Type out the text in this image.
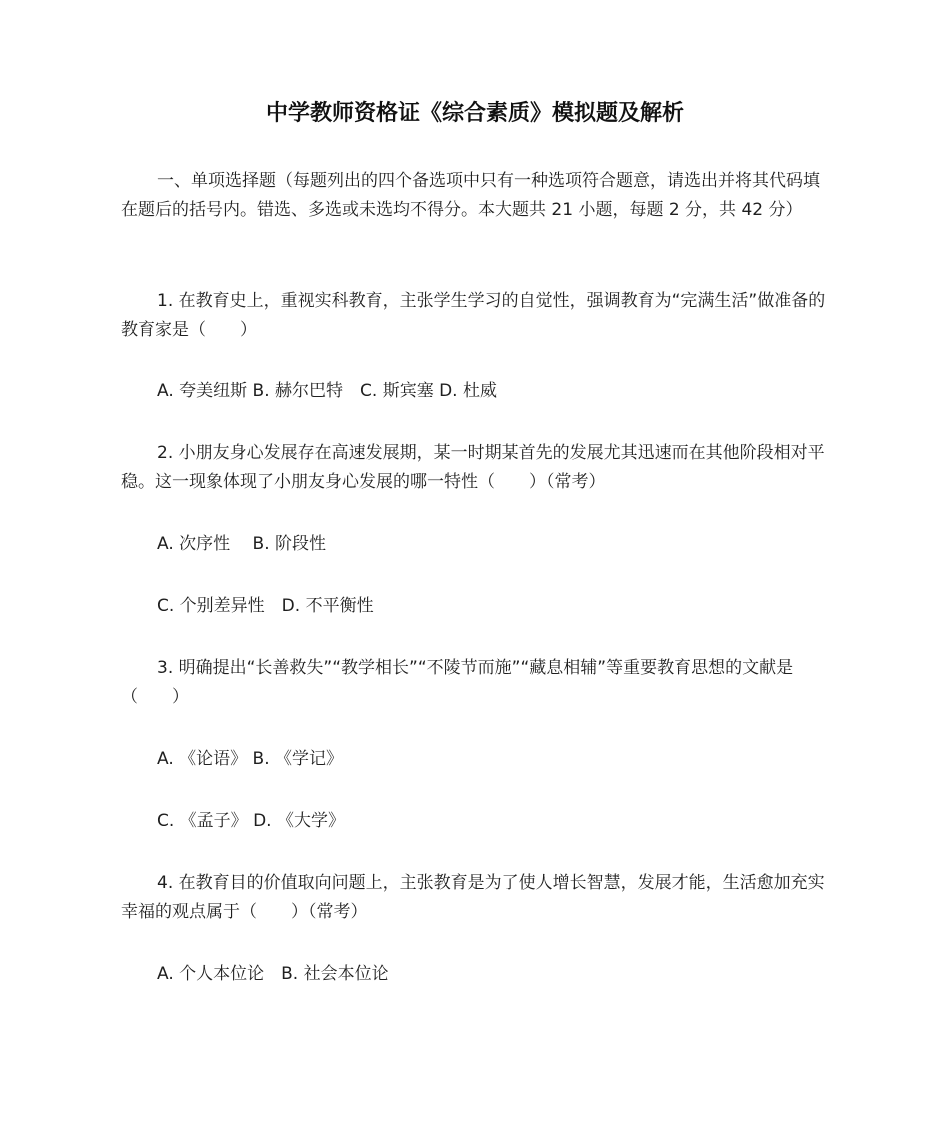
中学教师资格证《综合素质》模拟题及解析

一、单项选择题（每题列出的四个备选项中只有一种选项符合题意，请选出并将其代码填在题后的括号内。错选、多选或未选均不得分。本大题共 21 小题，每题 2 分，共 42 分）

1. 在教育史上，重视实科教育，主张学生学习的自觉性，强调教育为“完满生活”做准备的教育家是（　　）

A. 夸美纽斯 B. 赫尔巴特　C. 斯宾塞 D. 杜威

2. 小朋友身心发展存在高速发展期，某一时期某首先的发展尤其迅速而在其他阶段相对平稳。这一现象体现了小朋友身心发展的哪一特性（　　）（常考）

A. 次序性　 B. 阶段性

C. 个别差异性　D. 不平衡性

3. 明确提出“长善救失”“教学相长”“不陵节而施”“藏息相辅”等重要教育思想的文献是（　　）

A. 《论语》 B. 《学记》

C. 《孟子》 D. 《大学》

4. 在教育目的价值取向问题上，主张教育是为了使人增长智慧，发展才能，生活愈加充实幸福的观点属于（　　）（常考）

A. 个人本位论　B. 社会本位论
